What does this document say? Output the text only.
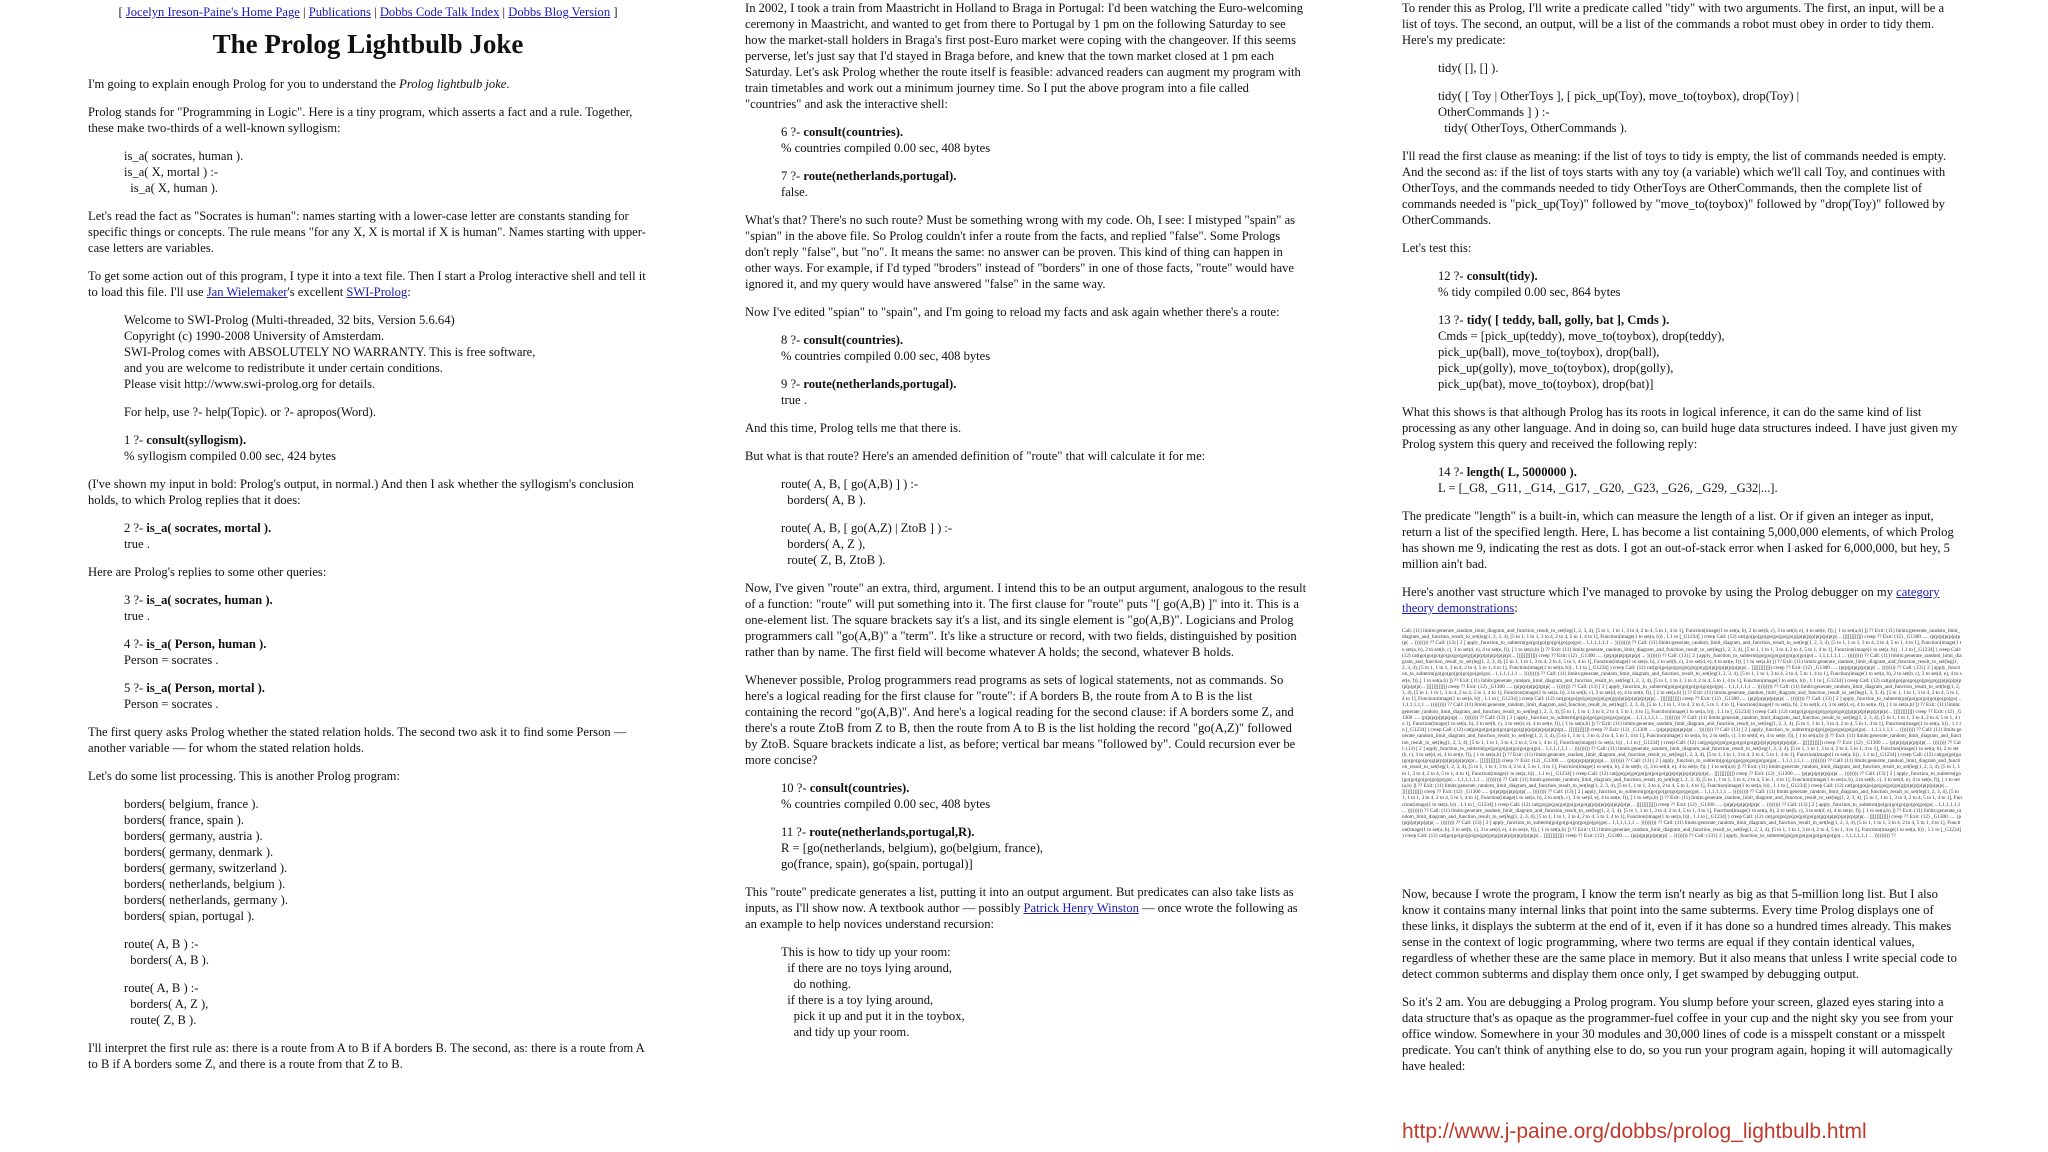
[ Jocelyn Ireson-Paine's Home Page | Publications | Dobbs Code Talk Index | Dobbs Blog Version ]
The Prolog Lightbulb Joke

I'm going to explain enough Prolog for you to understand the Prolog lightbulb joke.

Prolog stands for "Programming in Logic". Here is a tiny program, which asserts a fact and a rule. Together, these make two-thirds of a well-known syllogism:

is_a( socrates, human ).
is_a( X, mortal ) :-
is_a( X, human ).

Let's read the fact as "Socrates is human": names starting with a lower-case letter are constants standing for specific things or concepts. The rule means "for any X, X is mortal if X is human". Names starting with upper-case letters are variables.

To get some action out of this program, I type it into a text file. Then I start a Prolog interactive shell and tell it to load this file. I'll use Jan Wielemaker's excellent SWI-Prolog:

Welcome to SWI-Prolog (Multi-threaded, 32 bits, Version 5.6.64)
Copyright (c) 1990-2008 University of Amsterdam.
SWI-Prolog comes with ABSOLUTELY NO WARRANTY. This is free software,
and you are welcome to redistribute it under certain conditions.
Please visit http://www.swi-prolog.org for details.
For help, use ?- help(Topic). or ?- apropos(Word).
1 ?- consult(syllogism).
% syllogism compiled 0.00 sec, 424 bytes

(I've shown my input in bold: Prolog's output, in normal.) And then I ask whether the syllogism's conclusion holds, to which Prolog replies that it does:

2 ?- is_a( socrates, mortal ).
true .

Here are Prolog's replies to some other queries:

3 ?- is_a( socrates, human ).
true .
4 ?- is_a( Person, human ).
Person = socrates .
5 ?- is_a( Person, mortal ).
Person = socrates .

The first query asks Prolog whether the stated relation holds. The second two ask it to find some Person — another variable — for whom the stated relation holds.

Let's do some list processing. This is another Prolog program:

borders( belgium, france ).
borders( france, spain ).
borders( germany, austria ).
borders( germany, denmark ).
borders( germany, switzerland ).
borders( netherlands, belgium ).
borders( netherlands, germany ).
borders( spian, portugal ).
route( A, B ) :-
borders( A, B ).
route( A, B ) :-
borders( A, Z ),
route( Z, B ).

I'll interpret the first rule as: there is a route from A to B if A borders B. The second, as: there is a route from A to B if A borders some Z, and there is a route from that Z to B.

In 2002, I took a train from Maastricht in Holland to Braga in Portugal: I'd been watching the Euro-welcoming ceremony in Maastricht, and wanted to get from there to Portugal by 1 pm on the following Saturday to see how the market-stall holders in Braga's first post-Euro market were coping with the changeover. If this seems perverse, let's just say that I'd stayed in Braga before, and knew that the town market closed at 1 pm each Saturday. Let's ask Prolog whether the route itself is feasible: advanced readers can augment my program with train timetables and work out a minimum journey time. So I put the above program into a file called "countries" and ask the interactive shell:

6 ?- consult(countries).
% countries compiled 0.00 sec, 408 bytes
7 ?- route(netherlands,portugal).
false.

What's that? There's no such route? Must be something wrong with my code. Oh, I see: I mistyped "spain" as "spian" in the above file. So Prolog couldn't infer a route from the facts, and replied "false". Some Prologs don't reply "false", but "no". It means the same: no answer can be proven. This kind of thing can happen in other ways. For example, if I'd typed "broders" instead of "borders" in one of those facts, "route" would have ignored it, and my query would have answered "false" in the same way.

Now I've edited "spian" to "spain", and I'm going to reload my facts and ask again whether there's a route:

8 ?- consult(countries).
% countries compiled 0.00 sec, 408 bytes
9 ?- route(netherlands,portugal).
true .

And this time, Prolog tells me that there is.

But what is that route? Here's an amended definition of "route" that will calculate it for me:

route( A, B, [ go(A,B) ] ) :-
borders( A, B ).
route( A, B, [ go(A,Z) | ZtoB ] ) :-
borders( A, Z ),
route( Z, B, ZtoB ).

Now, I've given "route" an extra, third, argument. I intend this to be an output argument, analogous to the result of a function: "route" will put something into it. The first clause for "route" puts "[ go(A,B) ]" into it. This is a one-element list. The square brackets say it's a list, and its single element is "go(A,B)". Logicians and Prolog programmers call "go(A,B)" a "term". It's like a structure or record, with two fields, distinguished by position rather than by name. The first field will become whatever A holds; the second, whatever B holds.

Whenever possible, Prolog programmers read programs as sets of logical statements, not as commands. So here's a logical reading for the first clause for "route": if A borders B, the route from A to B is the list containing the record "go(A,B)". And here's a logical reading for the second clause: if A borders some Z, and there's a route ZtoB from Z to B, then the route from A to B is the list holding the record "go(A,Z)" followed by ZtoB. Square brackets indicate a list, as before; vertical bar means "followed by". Could recursion ever be more concise?

10 ?- consult(countries).
% countries compiled 0.00 sec, 408 bytes
11 ?- route(netherlands,portugal,R).
R = [go(netherlands, belgium), go(belgium, france),
go(france, spain), go(spain, portugal)]

This "route" predicate generates a list, putting it into an output argument. But predicates can also take lists as inputs, as I'll show now. A textbook author — possibly Patrick Henry Winston — once wrote the following as an example to help novices understand recursion:

This is how to tidy up your room:
if there are no toys lying around,
do nothing.
if there is a toy lying around,
pick it up and put it in the toybox,
and tidy up your room.

To render this as Prolog, I'll write a predicate called "tidy" with two arguments. The first, an input, will be a list of toys. The second, an output, will be a list of the commands a robot must obey in order to tidy them. Here's my predicate:

tidy( [], [] ).
tidy( [ Toy | OtherToys ], [ pick_up(Toy), move_to(toybox), drop(Toy) |
OtherCommands ] ) :-
tidy( OtherToys, OtherCommands ).

I'll read the first clause as meaning: if the list of toys to tidy is empty, the list of commands needed is empty. And the second as: if the list of toys starts with any toy (a variable) which we'll call Toy, and continues with OtherToys, and the commands needed to tidy OtherToys are OtherCommands, then the complete list of commands needed is "pick_up(Toy)" followed by "move_to(toybox)" followed by "drop(Toy)" followed by OtherCommands.

Let's test this:

12 ?- consult(tidy).
% tidy compiled 0.00 sec, 864 bytes
13 ?- tidy( [ teddy, ball, golly, bat ], Cmds ).
Cmds = [pick_up(teddy), move_to(toybox), drop(teddy),
pick_up(ball), move_to(toybox), drop(ball),
pick_up(golly), move_to(toybox), drop(golly),
pick_up(bat), move_to(toybox), drop(bat)]

What this shows is that although Prolog has its roots in logical inference, it can do the same kind of list processing as any other language. And in doing so, can build huge data structures indeed. I have just given my Prolog system this query and received the following reply:

14 ?- length( L, 5000000 ).
L = [_G8, _G11, _G14, _G17, _G20, _G23, _G26, _G29, _G32|...].

The predicate "length" is a built-in, which can measure the length of a list. Or if given an integer as input, return a list of the specified length. Here, L has become a list containing 5,000,000 elements, of which Prolog has shown me 9, indicating the rest as dots. I got an out-of-stack error when I asked for 6,000,000, but hey, 5 million ain't bad.

Here's another vast structure which I've managed to provoke by using the Prolog debugger on my category theory demonstrations:

Call: (11) limits:generate_random_limit_diagram_and_function_result_to_set(leg(1, 2, 3, 4), [5 to 1, 1 to 1, 3 to 4, 2 to 4, 5 to 1, 4 to 1], Function(image(1 to set(a, b), 2 to set(b, c), 3 to set(d, e), 4 to set(e, f)), [ 1 to set(a,b) ]) ?? Exit: (11) limits:generate_random_limit_diagram_and_function_result_to_set(leg(1, 2, 3, 4), [5 to 1, 1 to 1, 3 to 4, 2 to 4, 5 to 1, 4 to 1], Function(image(1 to set(a, b)) , 1.1 to [_G1234] ) creep Call: (12) cat(go(go(go(go(go(go(go(g(p(p(p(p(p(p(p(p(p(... ]]]]]]]]]]]) creep ?? Exit: (12) _G1300 ..... (p(p(p(p(p(p(p(p( ... )))))))) ?? Call: (13) [ 2 ] apply_function_to_subterm(go(go(go(go(go(go(go(go(... 1,1,1,1,1,1 ... ))))))))) ?? Call: (11) limits:generate_random_limit_diagram_and_function_result_to_set(leg(1, 2, 3, 4), [5 to 1, 1 to 1, 3 to 4, 2 to 4, 5 to 1, 4 to 1], Function(image(1 to set(a, b), 2 to set(b, c), 3 to set(d, e), 4 to set(e, f)), [ 1 to set(a,b) ]) ?? Exit: (11) limits:generate_random_limit_diagram_and_function_result_to_set(leg(1, 2, 3, 4), [5 to 1, 1 to 1, 3 to 4, 2 to 4, 5 to 1, 4 to 1], Function(image(1 to set(a, b)) , 1.1 to [_G1234] ) creep Call: (12) cat(go(go(go(go(go(go(go(g(p(p(p(p(p(p(p(p(p(... ]]]]]]]]]]]) creep ?? Exit: (12) _G1300 ..... (p(p(p(p(p(p(p(p( ... )))))))) ?? Call: (13) [ 2 ] apply_function_to_subterm(go(go(go(go(go(go(go(go(... 1,1,1,1,1,1 ... ))))))))) ?? Call: (11) limits:generate_random_limit_diagram_and_function_result_to_set(leg(1, 2, 3, 4), [5 to 1, 1 to 1, 3 to 4, 2 to 4, 5 to 1, 4 to 1], Function(image(1 to set(a, b), 2 to set(b, c), 3 to set(d, e), 4 to set(e, f)), [ 1 to set(a,b) ]) ?? Exit: (11) limits:generate_random_limit_diagram_and_function_result_to_set(leg(1, 2, 3, 4), [5 to 1, 1 to 1, 3 to 4, 2 to 4, 5 to 1, 4 to 1], Function(image(1 to set(a, b)) , 1.1 to [_G1234] ) creep Call: (12) cat(go(go(go(go(go(go(go(g(p(p(p(p(p(p(p(p(p(... ]]]]]]]]]]]) creep ?? Exit: (12) _G1300 ..... (p(p(p(p(p(p(p(p( ... )))))))) ?? Call: (13) [ 2 ] apply_function_to_subterm(go(go(go(go(go(go(go(go(... 1,1,1,1,1,1 ... ))))))))) ?? Call: (11) limits:generate_random_limit_diagram_and_function_result_to_set(leg(1, 2, 3, 4), [5 to 1, 1 to 1, 3 to 4, 2 to 4, 5 to 1, 4 to 1], Function(image(1 to set(a, b), 2 to set(b, c), 3 to set(d, e), 4 to set(e, f)), [ 1 to set(a,b) ]) ?? Exit: (11) limits:generate_random_limit_diagram_and_function_result_to_set(leg(1, 2, 3, 4), [5 to 1, 1 to 1, 3 to 4, 2 to 4, 5 to 1, 4 to 1], Function(image(1 to set(a, b)) , 1.1 to [_G1234] ) creep Call: (12) cat(go(go(go(go(go(go(go(g(p(p(p(p(p(p(p(p(p(... ]]]]]]]]]]]) creep ?? Exit: (12) _G1300 ..... (p(p(p(p(p(p(p(p( ... )))))))) ?? Call: (13) [ 2 ] apply_function_to_subterm(go(go(go(go(go(go(go(go(... 1,1,1,1,1,1 ... ))))))))) ?? Call: (11) limits:generate_random_limit_diagram_and_function_result_to_set(leg(1, 2, 3, 4), [5 to 1, 1 to 1, 3 to 4, 2 to 4, 5 to 1, 4 to 1], Function(image(1 to set(a, b), 2 to set(b, c), 3 to set(d, e), 4 to set(e, f)), [ 1 to set(a,b) ]) ?? Exit: (11) limits:generate_random_limit_diagram_and_function_result_to_set(leg(1, 2, 3, 4), [5 to 1, 1 to 1, 3 to 4, 2 to 4, 5 to 1, 4 to 1], Function(image(1 to set(a, b)) , 1.1 to [_G1234] ) creep Call: (12) cat(go(go(go(go(go(go(go(g(p(p(p(p(p(p(p(p(p(... ]]]]]]]]]]]) creep ?? Exit: (12) _G1300 ..... (p(p(p(p(p(p(p(p( ... )))))))) ?? Call: (13) [ 2 ] apply_function_to_subterm(go(go(go(go(go(go(go(go(... 1,1,1,1,1,1 ... ))))))))) ?? Call: (11) limits:generate_random_limit_diagram_and_function_result_to_set(leg(1, 2, 3, 4), [5 to 1, 1 to 1, 3 to 4, 2 to 4, 5 to 1, 4 to 1], Function(image(1 to set(a, b), 2 to set(b, c), 3 to set(d, e), 4 to set(e, f)), [ 1 to set(a,b) ]) ?? Exit: (11) limits:generate_random_limit_diagram_and_function_result_to_set(leg(1, 2, 3, 4), [5 to 1, 1 to 1, 3 to 4, 2 to 4, 5 to 1, 4 to 1], Function(image(1 to set(a, b)) , 1.1 to [_G1234] ) creep Call: (12) cat(go(go(go(go(go(go(go(g(p(p(p(p(p(p(p(p(p(... ]]]]]]]]]]]) creep ?? Exit: (12) _G1300 ..... (p(p(p(p(p(p(p(p( ... )))))))) ?? Call: (13) [ 2 ] apply_function_to_subterm(go(go(go(go(go(go(go(go(... 1,1,1,1,1,1 ... ))))))))) ?? Call: (11) limits:generate_random_limit_diagram_and_function_result_to_set(leg(1, 2, 3, 4), [5 to 1, 1 to 1, 3 to 4, 2 to 4, 5 to 1, 4 to 1], Function(image(1 to set(a, b), 2 to set(b, c), 3 to set(d, e), 4 to set(e, f)), [ 1 to set(a,b) ]) ?? Exit: (11) limits:generate_random_limit_diagram_and_function_result_to_set(leg(1, 2, 3, 4), [5 to 1, 1 to 1, 3 to 4, 2 to 4, 5 to 1, 4 to 1], Function(image(1 to set(a, b)) , 1.1 to [_G1234] ) creep Call: (12) cat(go(go(go(go(go(go(go(g(p(p(p(p(p(p(p(p(p(... ]]]]]]]]]]]) creep ?? Exit: (12) _G1300 ..... (p(p(p(p(p(p(p(p( ... )))))))) ?? Call: (13) [ 2 ] apply_function_to_subterm(go(go(go(go(go(go(go(go(... 1,1,1,1,1,1 ... ))))))))) ?? Call: (11) limits:generate_random_limit_diagram_and_function_result_to_set(leg(1, 2, 3, 4), [5 to 1, 1 to 1, 3 to 4, 2 to 4, 5 to 1, 4 to 1], Function(image(1 to set(a, b), 2 to set(b, c), 3 to set(d, e), 4 to set(e, f)), [ 1 to set(a,b) ]) ?? Exit: (11) limits:generate_random_limit_diagram_and_function_result_to_set(leg(1, 2, 3, 4), [5 to 1, 1 to 1, 3 to 4, 2 to 4, 5 to 1, 4 to 1], Function(image(1 to set(a, b)) , 1.1 to [_G1234] ) creep Call: (12) cat(go(go(go(go(go(go(go(g(p(p(p(p(p(p(p(p(p(... ]]]]]]]]]]]) creep ?? Exit: (12) _G1300 ..... (p(p(p(p(p(p(p(p( ... )))))))) ?? Call: (13) [ 2 ] apply_function_to_subterm(go(go(go(go(go(go(go(go(... 1,1,1,1,1,1 ... ))))))))) ?? Call: (11) limits:generate_random_limit_diagram_and_function_result_to_set(leg(1, 2, 3, 4), [5 to 1, 1 to 1, 3 to 4, 2 to 4, 5 to 1, 4 to 1], Function(image(1 to set(a, b), 2 to set(b, c), 3 to set(d, e), 4 to set(e, f)), [ 1 to set(a,b) ]) ?? Exit: (11) limits:generate_random_limit_diagram_and_function_result_to_set(leg(1, 2, 3, 4), [5 to 1, 1 to 1, 3 to 4, 2 to 4, 5 to 1, 4 to 1], Function(image(1 to set(a, b)) , 1.1 to [_G1234] ) creep Call: (12) cat(go(go(go(go(go(go(go(g(p(p(p(p(p(p(p(p(p(... ]]]]]]]]]]]) creep ?? Exit: (12) _G1300 ..... (p(p(p(p(p(p(p(p( ... )))))))) ?? Call: (13) [ 2 ] apply_function_to_subterm(go(go(go(go(go(go(go(go(... 1,1,1,1,1,1 ... ))))))))) ?? Call: (11) limits:generate_random_limit_diagram_and_function_result_to_set(leg(1, 2, 3, 4), [5 to 1, 1 to 1, 3 to 4, 2 to 4, 5 to 1, 4 to 1], Function(image(1 to set(a, b), 2 to set(b, c), 3 to set(d, e), 4 to set(e, f)), [ 1 to set(a,b) ]) ?? Exit: (11) limits:generate_random_limit_diagram_and_function_result_to_set(leg(1, 2, 3, 4), [5 to 1, 1 to 1, 3 to 4, 2 to 4, 5 to 1, 4 to 1], Function(image(1 to set(a, b)) , 1.1 to [_G1234] ) creep Call: (12) cat(go(go(go(go(go(go(go(g(p(p(p(p(p(p(p(p(p(... ]]]]]]]]]]]) creep ?? Exit: (12) _G1300 ..... (p(p(p(p(p(p(p(p( ... )))))))) ?? Call: (13) [ 2 ] apply_function_to_subterm(go(go(go(go(go(go(go(go(... 1,1,1,1,1,1 ... ))))))))) ?? Call: (11) limits:generate_random_limit_diagram_and_function_result_to_set(leg(1, 2, 3, 4), [5 to 1, 1 to 1, 3 to 4, 2 to 4, 5 to 1, 4 to 1], Function(image(1 to set(a, b), 2 to set(b, c), 3 to set(d, e), 4 to set(e, f)), [ 1 to set(a,b) ]) ?? Exit: (11) limits:generate_random_limit_diagram_and_function_result_to_set(leg(1, 2, 3, 4), [5 to 1, 1 to 1, 3 to 4, 2 to 4, 5 to 1, 4 to 1], Function(image(1 to set(a, b)) , 1.1 to [_G1234] ) creep Call: (12) cat(go(go(go(go(go(go(go(g(p(p(p(p(p(p(p(p(p(... ]]]]]]]]]]]) creep ?? Exit: (12) _G1300 ..... (p(p(p(p(p(p(p(p( ... )))))))) ?? Call: (13) [ 2 ] apply_function_to_subterm(go(go(go(go(go(go(go(go(... 1,1,1,1,1,1 ... ))))))))) ?? Call: (11) limits:generate_random_limit_diagram_and_function_result_to_set(leg(1, 2, 3, 4), [5 to 1, 1 to 1, 3 to 4, 2 to 4, 5 to 1, 4 to 1], Function(image(1 to set(a, b), 2 to set(b, c), 3 to set(d, e), 4 to set(e, f)), [ 1 to set(a,b) ]) ?? Exit: (11) limits:generate_random_limit_diagram_and_function_result_to_set(leg(1, 2, 3, 4), [5 to 1, 1 to 1, 3 to 4, 2 to 4, 5 to 1, 4 to 1], Function(image(1 to set(a, b)) , 1.1 to [_G1234] ) creep Call: (12) cat(go(go(go(go(go(go(go(g(p(p(p(p(p(p(p(p(p(... ]]]]]]]]]]]) creep ?? Exit: (12) _G1300 ..... (p(p(p(p(p(p(p(p( ... )))))))) ?? Call: (13) [ 2 ] apply_function_to_subterm(go(go(go(go(go(go(go(go(... 1,1,1,1,1,1 ... ))))))))) ?? Call: (11) limits:generate_random_limit_diagram_and_function_result_to_set(leg(1, 2, 3, 4), [5 to 1, 1 to 1, 3 to 4, 2 to 4, 5 to 1, 4 to 1], Function(image(1 to set(a, b), 2 to set(b, c), 3 to set(d, e), 4 to set(e, f)), [ 1 to set(a,b) ]) ?? Exit: (11) limits:generate_random_limit_diagram_and_function_result_to_set(leg(1, 2, 3, 4), [5 to 1, 1 to 1, 3 to 4, 2 to 4, 5 to 1, 4 to 1], Function(image(1 to set(a, b)) , 1.1 to [_G1234] ) creep Call: (12) cat(go(go(go(go(go(go(go(g(p(p(p(p(p(p(p(p(p(... ]]]]]]]]]]]) creep ?? Exit: (12) _G1300 ..... (p(p(p(p(p(p(p(p( ... )))))))) ?? Call: (13) [ 2 ] apply_function_to_subterm(go(go(go(go(go(go(go(go(... 1,1,1,1,1,1 ... ))))))))) ?? Call: (11) limits:generate_random_limit_diagram_and_function_result_to_set(leg(1, 2, 3, 4), [5 to 1, 1 to 1, 3 to 4, 2 to 4, 5 to 1, 4 to 1], Function(image(1 to set(a, b), 2 to set(b, c), 3 to set(d, e), 4 to set(e, f)), [ 1 to set(a,b) ]) ?? Exit: (11) limits:generate_random_limit_diagram_and_function_result_to_set(leg(1, 2, 3, 4), [5 to 1, 1 to 1, 3 to 4, 2 to 4, 5 to 1, 4 to 1], Function(image(1 to set(a, b)) , 1.1 to [_G1234] ) creep Call: (12) cat(go(go(go(go(go(go(go(g(p(p(p(p(p(p(p(p(p(... ]]]]]]]]]]]) creep ?? Exit: (12) _G1300 ..... (p(p(p(p(p(p(p(p( ... )))))))) ?? Call: (13) [ 2 ] apply_function_to_subterm(go(go(go(go(go(go(go(go(... 1,1,1,1,1,1 ... ))))))))) ??

Now, because I wrote the program, I know the term isn't nearly as big as that 5-million long list. But I also know it contains many internal links that point into the same subterms. Every time Prolog displays one of these links, it displays the subterm at the end of it, even if it has done so a hundred times already. This makes sense in the context of logic programming, where two terms are equal if they contain identical values, regardless of whether these are the same place in memory. But it also means that unless I write special code to detect common subterms and display them once only, I get swamped by debugging output.

So it's 2 am. You are debugging a Prolog program. You slump before your screen, glazed eyes staring into a data structure that's as opaque as the programmer-fuel coffee in your cup and the night sky you see from your office window. Somewhere in your 30 modules and 30,000 lines of code is a misspelt constant or a misspelt predicate. You can't think of anything else to do, so you run your program again, hoping it will automagically have healed:

http://www.j-paine.org/dobbs/prolog_lightbulb.html
